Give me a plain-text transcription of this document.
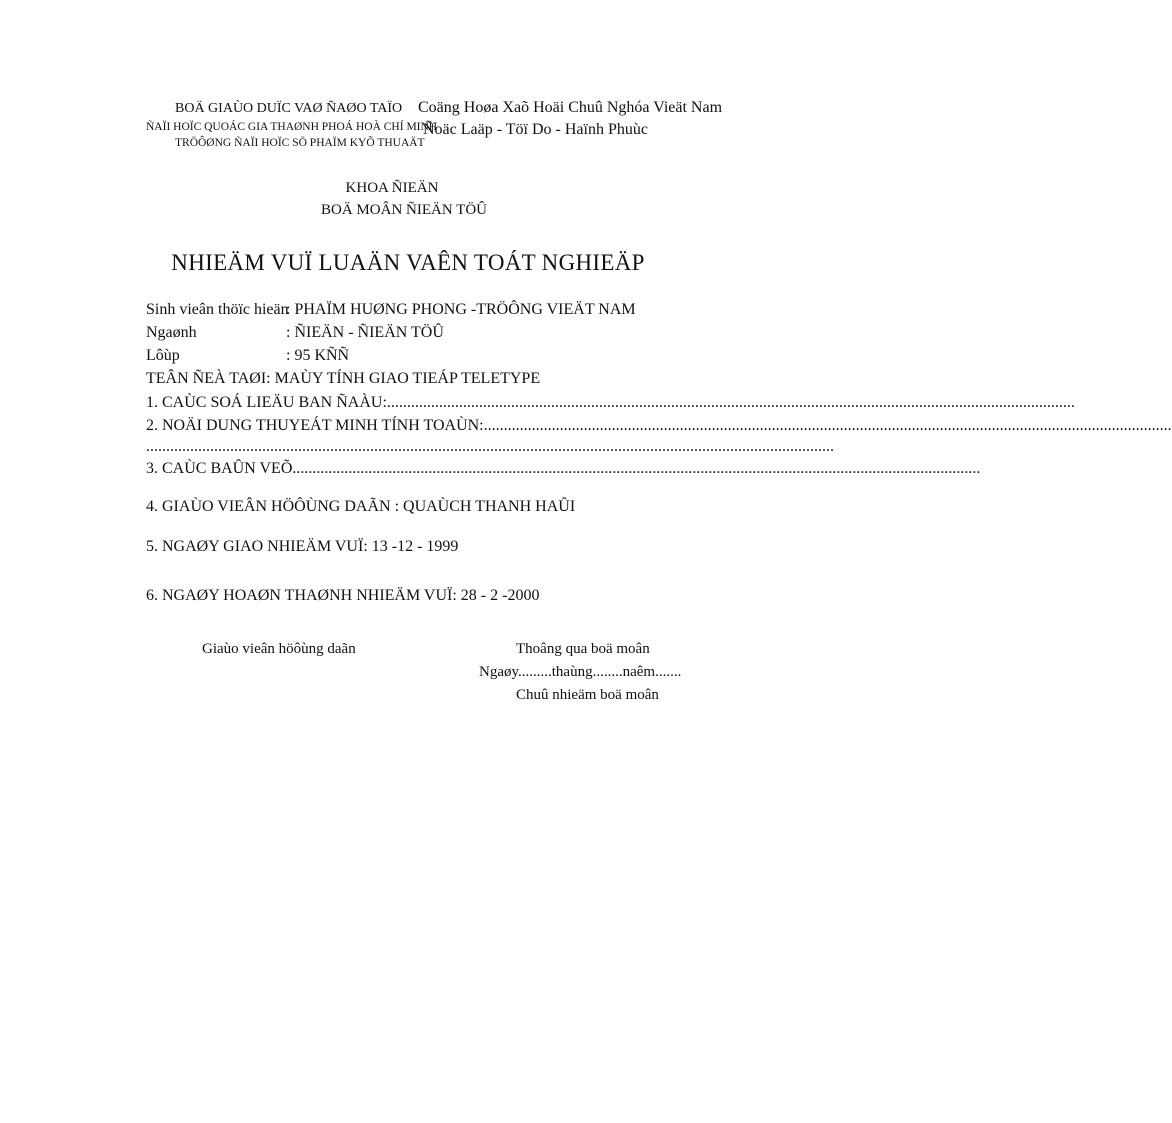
BOÄ GIAÙO DUÏC VAØ ÑAØO TAÏO
ÑAÏI HOÏC QUOÁC GIA THAØNH PHOÁ HOÀ CHÍ MINH
TRÖÔØNG ÑAÏI HOÏC SÖ PHAÏM KYÕ THUAÄT
Coäng Hoøa Xaõ Hoäi Chuû Nghóa Vieät Nam
Ñoäc Laäp - Töï Do - Haïnh Phuùc
KHOA ÑIEÄN
BOÄ MOÂN ÑIEÄN TÖÛ
NHIEÄM VUÏ LUAÄN VAÊN TOÁT NGHIEÄP
Sinh vieân thöïc hieän: PHAÏM HUØNG PHONG -TRÖÔNG VIEÄT NAM
Ngaønh	: ÑIEÄN - ÑIEÄN TÖÛ
Lôùp	: 95 KÑÑ
TEÂN ÑEÀ TAØI: MAÙY TÍNH GIAO TIEÁP TELETYPE
1. CAÙC SOÁ LIEÄU BAN ÑAÀU:............................................................................................................................................................................
2. NOÄI DUNG THUYEÁT MINH TÍNH TOAÙN:............................................................................................................................................................................
............................................................................................................................................................................
3. CAÙC BAÛN VEÕ............................................................................................................................................................................
4. GIAÙO VIEÂN HÖÔÙNG DAÃN : QUAÙCH THANH HAÛI
5. NGAØY GIAO NHIEÄM VUÏ: 13 -12 - 1999
6. NGAØY HOAØN THAØNH NHIEÄM VUÏ: 28 - 2 -2000
Giaùo vieân höôùng daãn	Thoâng qua boä moân
Ngaøy.........thaùng........naêm.......
Chuû nhieäm boä moân
